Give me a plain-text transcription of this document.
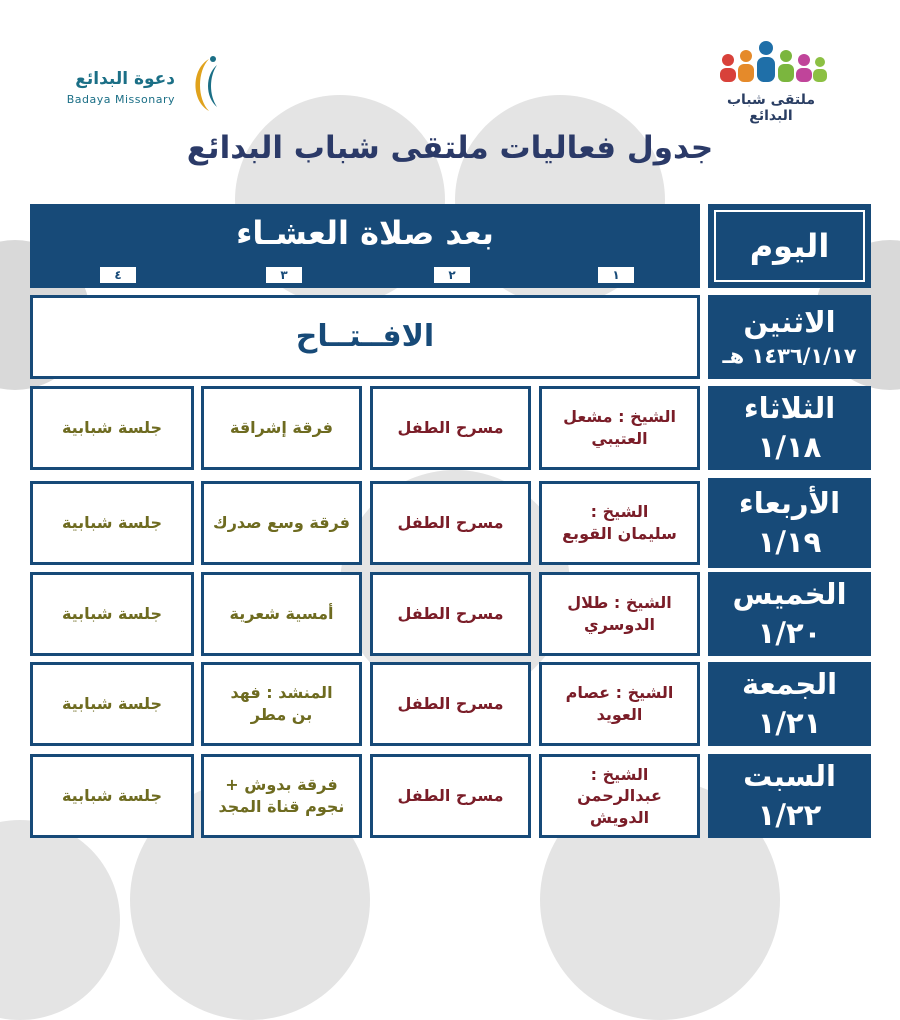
دعوة البدائع
Badaya Missonary	ملتقى شباب البدائع
جدول فعاليات ملتقى شباب البدائع
بعد صلاة العشـاء
١
٢
٣
٤
اليوم
الافــتــاح	الاثنين
١٤٣٦/١/١٧ هـ
الشيخ : مشعل العتيبي
مسرح الطفل
فرقة إشراقة
جلسة شبابية
الثلاثاء
١/١٨
الشيخ : سليمان القوبع
مسرح الطفل
فرقة وسع صدرك
جلسة شبابية
الأربعاء
١/١٩
الشيخ : طلال الدوسري
مسرح الطفل
أمسية شعرية
جلسة شبابية
الخميس
١/٢٠
الشيخ : عصام العويد
مسرح الطفل
المنشد : فهد بن مطر
جلسة شبابية
الجمعة
١/٢١
الشيخ : عبدالرحمن الدويش
مسرح الطفل
فرقة بدوش + نجوم قناة المجد
جلسة شبابية
السبت
١/٢٢
